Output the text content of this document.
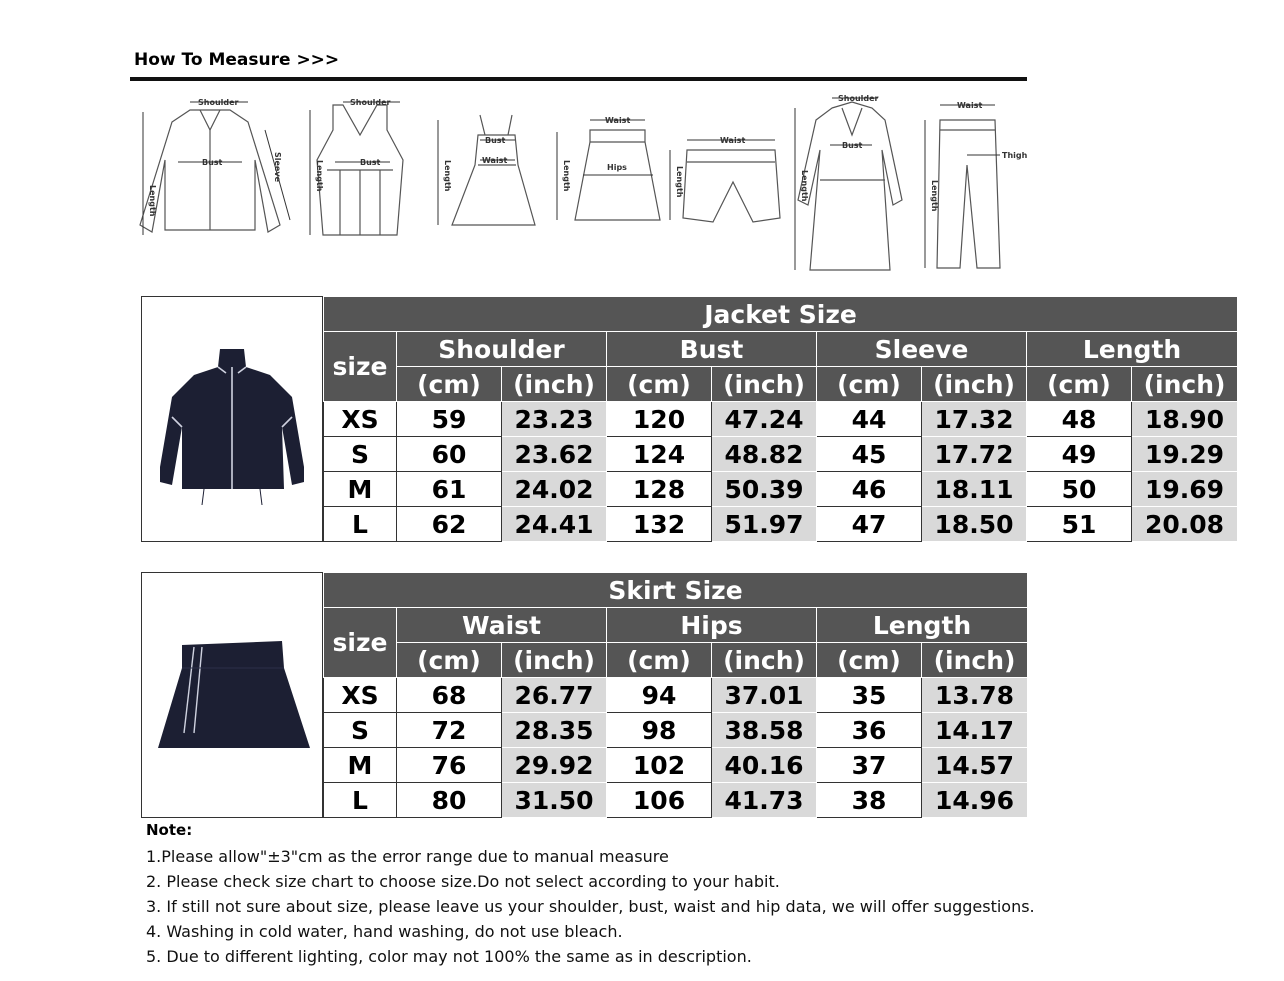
How To Measure >>>
Shoulder
Bust
Length
Sleeve
Shoulder
Bust
Length
Bust
Waist
Length
Waist
Hips
Length
Waist
Length
Shoulder
Bust
Length
Waist
Thigh
Length
Jacket Size								
size	Shoulder		Bust		Sleeve		Length	
	(cm)	(inch)	(cm)	(inch)	(cm)	(inch)	(cm)	(inch)
XS	59	23.23	120	47.24	44	17.32	48	18.90
S	60	23.62	124	48.82	45	17.72	49	19.29
M	61	24.02	128	50.39	46	18.11	50	19.69
L	62	24.41	132	51.97	47	18.50	51	20.08
Skirt Size						
size	Waist		Hips		Length	
	(cm)	(inch)	(cm)	(inch)	(cm)	(inch)
XS	68	26.77	94	37.01	35	13.78
S	72	28.35	98	38.58	36	14.17
M	76	29.92	102	40.16	37	14.57
L	80	31.50	106	41.73	38	14.96
Note:
1.Please allow"±3"cm as the error range due to manual measure
2. Please check size chart to choose size.Do not select according to your habit.
3. If still not sure about size, please leave us your shoulder, bust, waist and hip data, we will offer suggestions.
4. Washing in cold water, hand washing, do not use bleach.
5. Due to different lighting, color may not 100% the same as in description.
